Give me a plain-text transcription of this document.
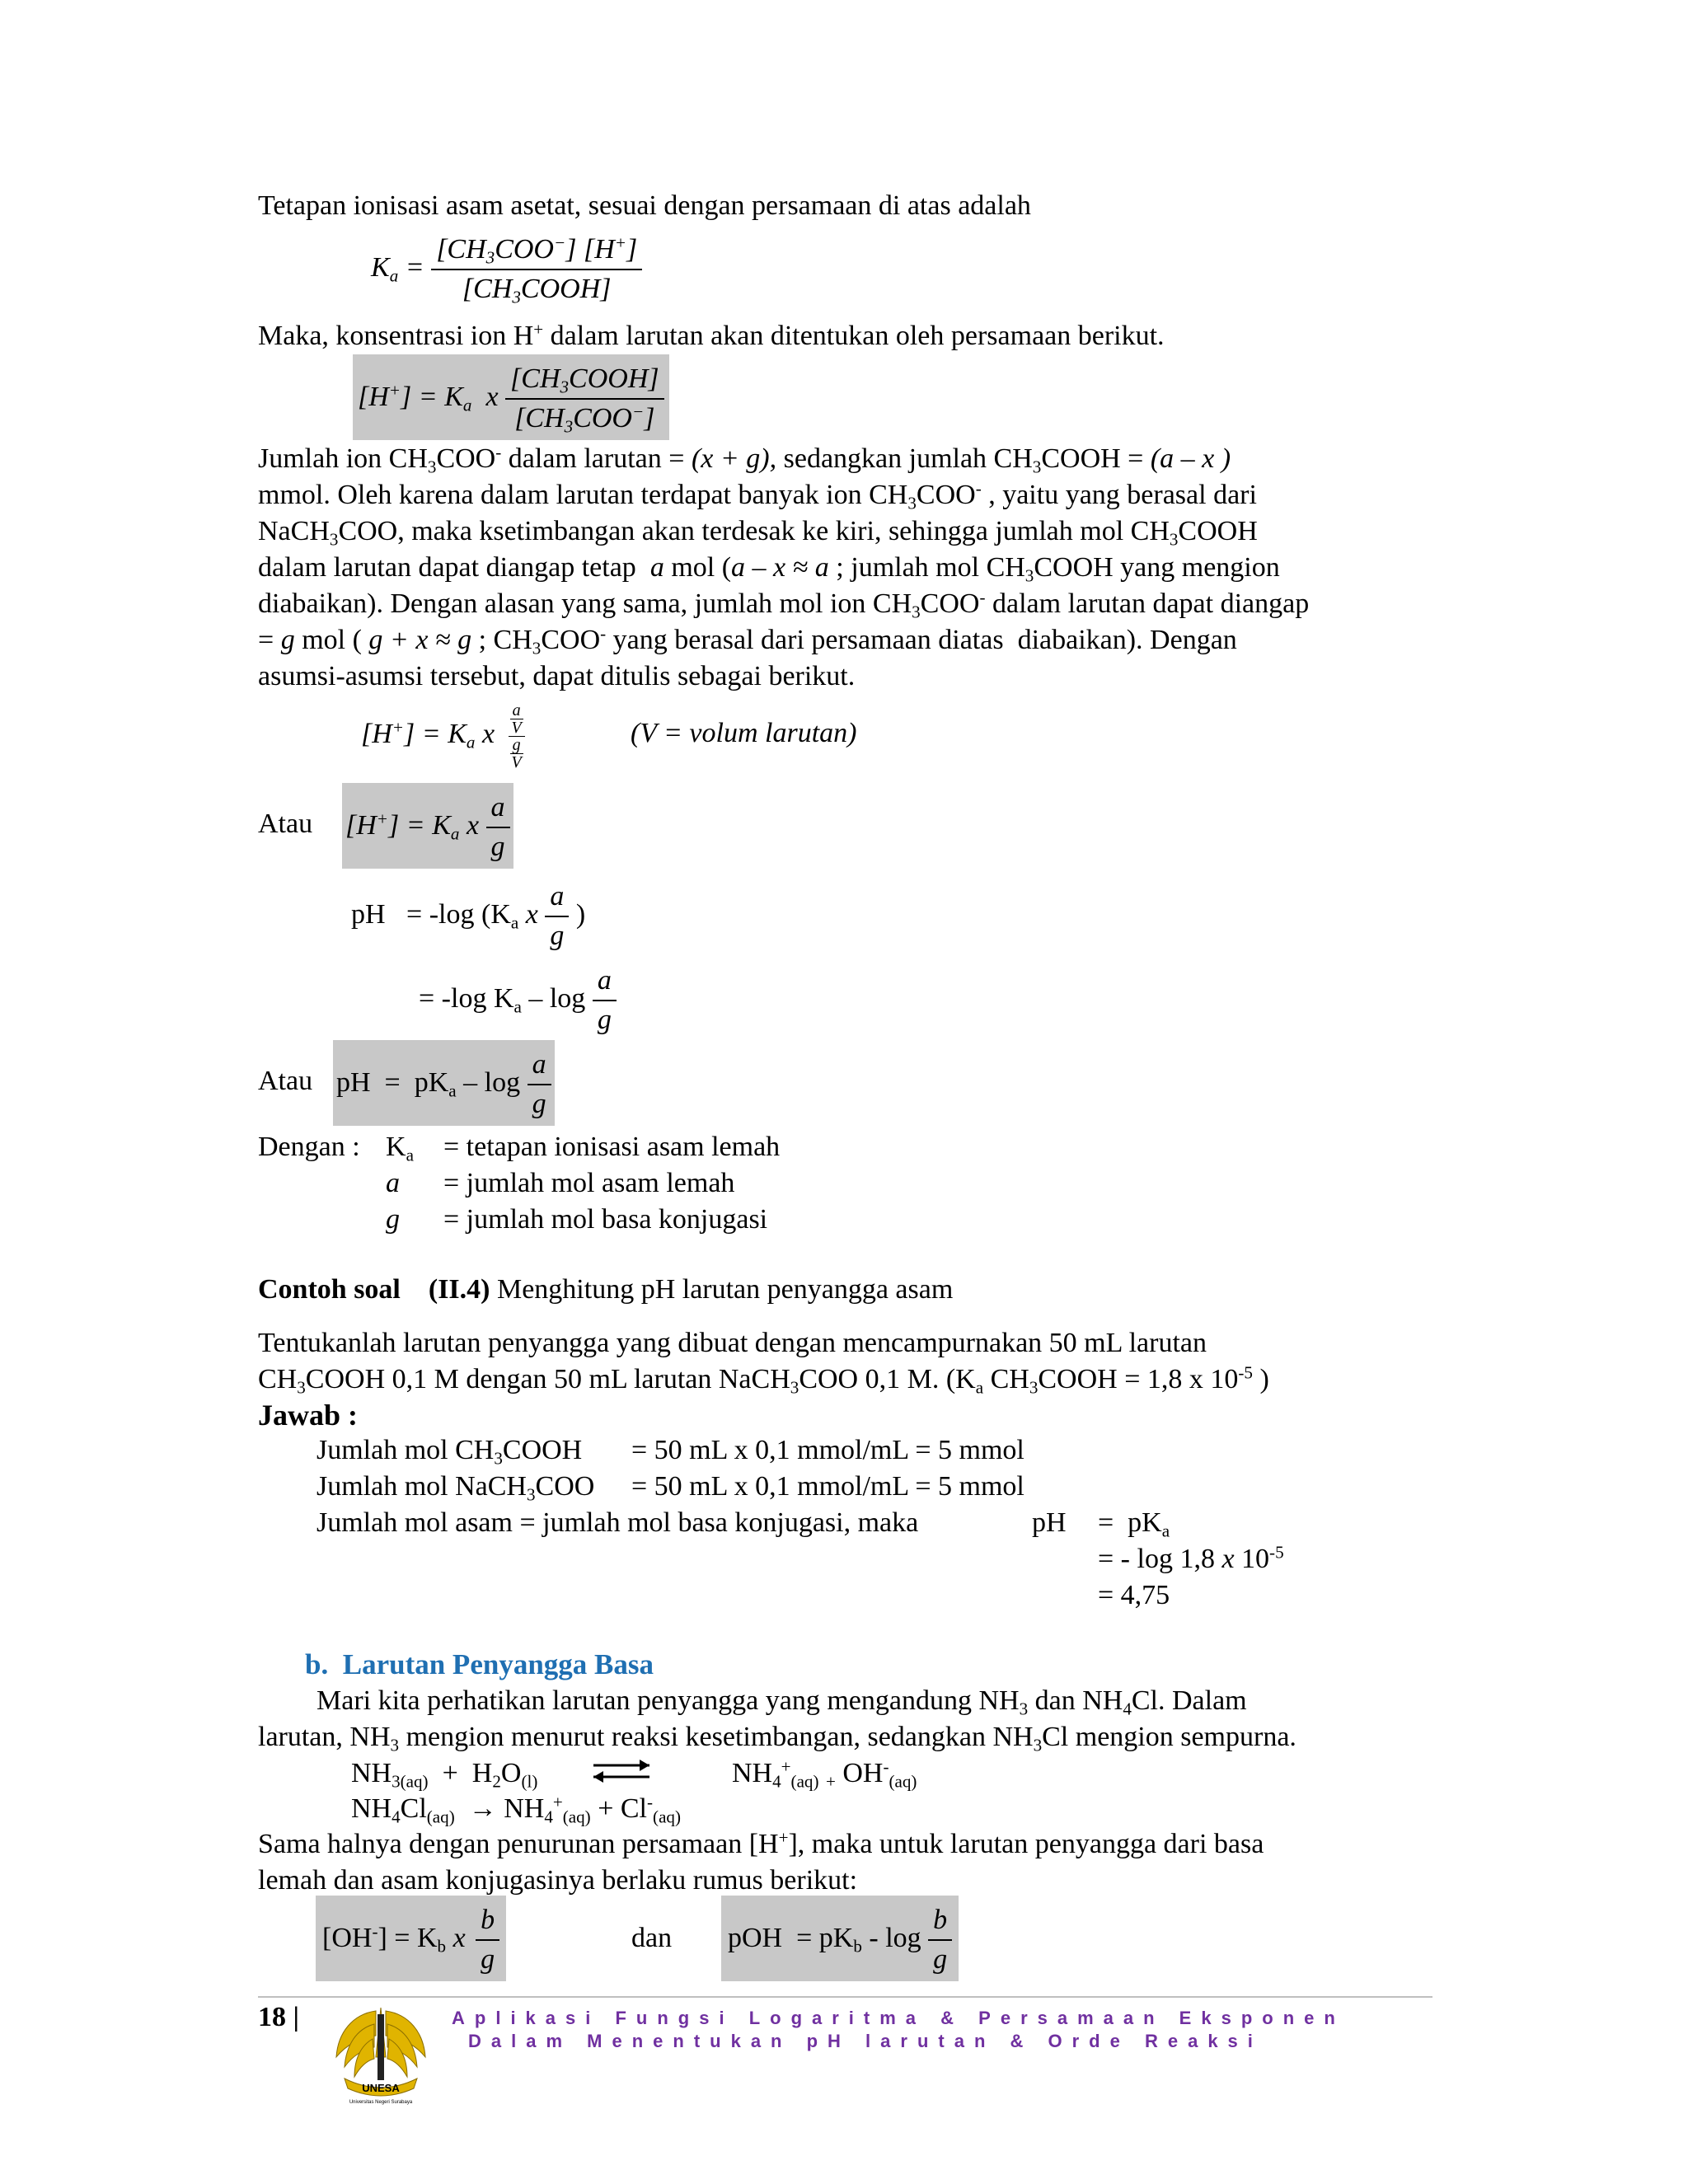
Tetapan ionisasi asam asetat, sesuai dengan persamaan di atas adalah
$K_a = \frac{[CH_3COO^-] [H^+]}{[CH_3COOH]}$
Maka, konsentrasi ion H+ dalam larutan akan ditentukan oleh persamaan berikut.
$[H^+] = K_a$  x $\frac{[CH_3COOH]}{[CH_3COO^-]}$
Jumlah ion $CH_3COO^-$ dalam larutan = (x + g), sedangkan jumlah $CH_3COOH = (a - x$ )
mmol. Oleh karena dalam larutan terdapat banyak ion $CH_3COO^-$ , yaitu yang berasal dari
NaCH$_3$COO, maka ksetimbangan akan terdesak ke kiri, sehingga jumlah mol $CH_3COOH$
dalam larutan dapat diangap tetap  a mol (a – x ≈ a ; jumlah mol $CH_3COOH$ yang mengion
diabaikan). Dengan alasan yang sama, jumlah mol ion $CH_3COO^-$ dalam larutan dapat diangap
= g mol ( g + x ≈ g ; $CH_3COO^-$ yang berasal dari persamaan diatas  diabaikan). Dengan
asumsi-asumsi tersebut, dapat ditulis sebagai berikut.
$[H^+] = K_a$ x $\frac{\frac{a}{V}}{\frac{g}{V}}$	(V = volum larutan)
Atau $[H^+] = K_a$ x $\frac{a}{g}$
pH   = -log ($K_a$ x $\frac{a}{g}$ )
= -log $K_a$ – $\log \frac{a}{g}$
Atau pH  =  $pK_a$ – $\log \frac{a}{g}$
Dengan : $K_a$ = tetapan ionisasi asam lemah
a = jumlah mol asam lemah
g = jumlah mol basa konjugasi
Contoh soal (II.4) Menghitung pH larutan penyangga asam
Tentukanlah larutan penyangga yang dibuat dengan mencampurnakan 50 mL larutan
$CH_3COOH$ 0,1 M dengan 50 mL larutan NaCH$_3$COO 0,1 M. ($K_a$ $CH_3COOH = 1,8$ x $10^{-5}$ )
Jawab :
Jumlah mol $CH_3COOH = 50$ mL x 0,1 mmol/mL = 5 mmol
Jumlah mol NaCH$_3$COO = 50 mL x 0,1 mmol/mL = 5 mmol
Jumlah mol asam = jumlah mol basa konjugasi, maka	pH =  $pK_a$
= - log 1,8 x $10^{-5}$
= 4,75
b. Larutan Penyangga Basa
Mari kita perhatikan larutan penyangga yang mengandung $NH_3$ dan $NH_4Cl$. Dalam
larutan, $NH_3$ mengion menurut reaksi kesetimbangan, sedangkan $NH_3Cl$ mengion sempurna.
$NH_{3(aq)} + H_2O_{(l)}$	$NH_4^+_{(aq)}$ $_+$ $OH^-_{(aq)}$
$NH_4Cl_{(aq)} \to NH_4^+_{(aq)} + Cl^-_{(aq)}$
Sama halnya dengan penurunan persamaan [H+], maka untuk larutan penyangga dari basa
lemah dan asam konjugasinya berlaku rumus berikut:
$[OH^-] = K_b$ x $\frac{b}{g}$	dan pOH  = $pK_b$ - $\log \frac{b}{g}$
18 |
UNESA
Universitas Negeri Surabaya
Aplikasi Fungsi Logaritma & Persamaan Eksponen
Dalam Menentukan pH larutan & Orde Reaksi
